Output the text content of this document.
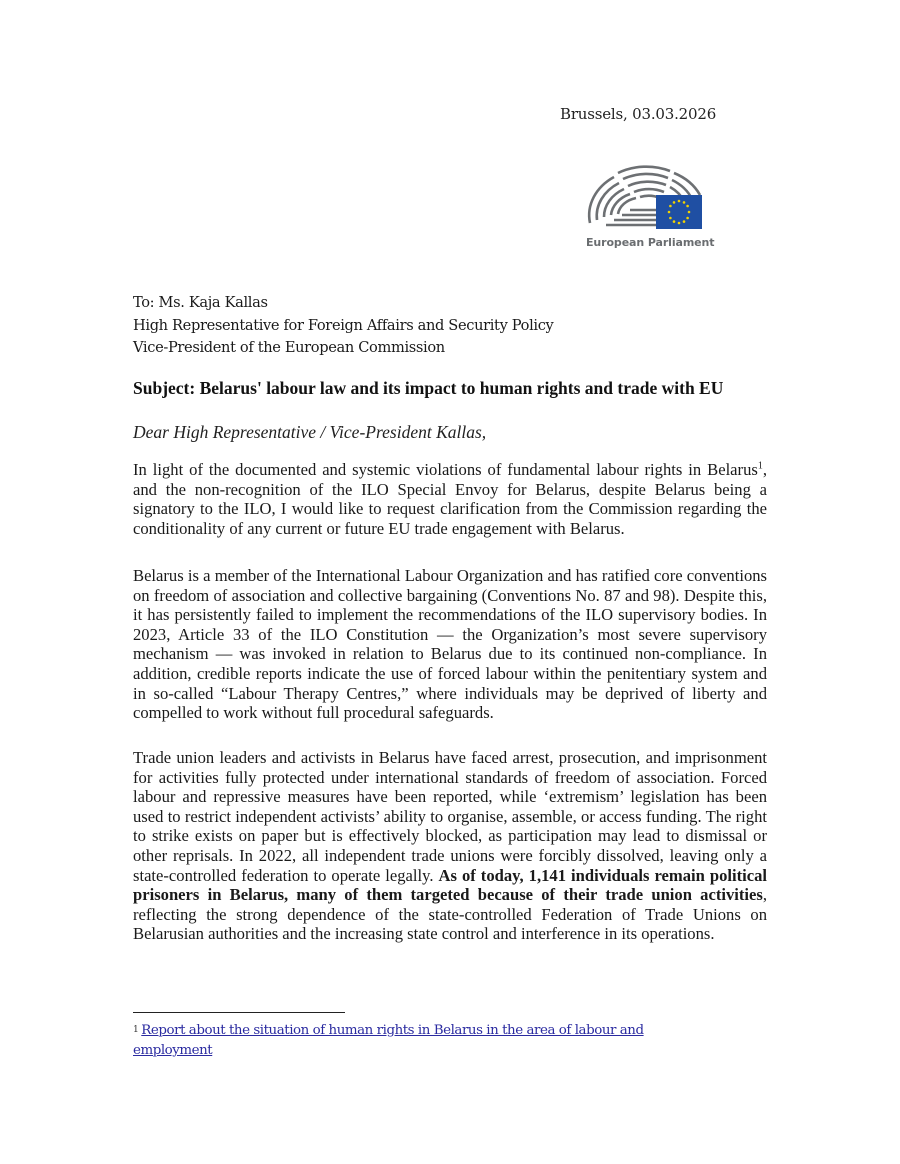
Brussels, 03.03.2026
European Parliament
To: Ms. Kaja Kallas
High Representative for Foreign Affairs and Security Policy
Vice-President of the European Commission
Subject: Belarus' labour law and its impact to human rights and trade with EU
Dear High Representative / Vice-President Kallas,
In light of the documented and systemic violations of fundamental labour rights in Belarus$^1$, and the non-recognition of the ILO Special Envoy for Belarus, despite Belarus being a signatory to the ILO, I would like to request clarification from the Commission regarding the conditionality of any current or future EU trade engagement with Belarus.
Belarus is a member of the International Labour Organization and has ratified core conventions on freedom of association and collective bargaining (Conventions No. 87 and 98). Despite this, it has persistently failed to implement the recommendations of the ILO supervisory bodies. In 2023, Article 33 of the ILO Constitution — the Organization’s most severe supervisory mechanism — was invoked in relation to Belarus due to its continued non-compliance. In addition, credible reports indicate the use of forced labour within the penitentiary system and in so-called “Labour Therapy Centres,” where individuals may be deprived of liberty and compelled to work without full procedural safeguards.
Trade union leaders and activists in Belarus have faced arrest, prosecution, and imprisonment for activities fully protected under international standards of freedom of association. Forced labour and repressive measures have been reported, while ‘extremism’ legislation has been used to restrict independent activists’ ability to organise, assemble, or access funding. The right to strike exists on paper but is effectively blocked, as participation may lead to dismissal or other reprisals. In 2022, all independent trade unions were forcibly dissolved, leaving only a state-controlled federation to operate legally. As of today, 1,141 individuals remain political prisoners in Belarus, many of them targeted because of their trade union activities, reflecting the strong dependence of the state-controlled Federation of Trade Unions on Belarusian authorities and the increasing state control and interference in its operations.
1 Report about the situation of human rights in Belarus in the area of labour and employment
